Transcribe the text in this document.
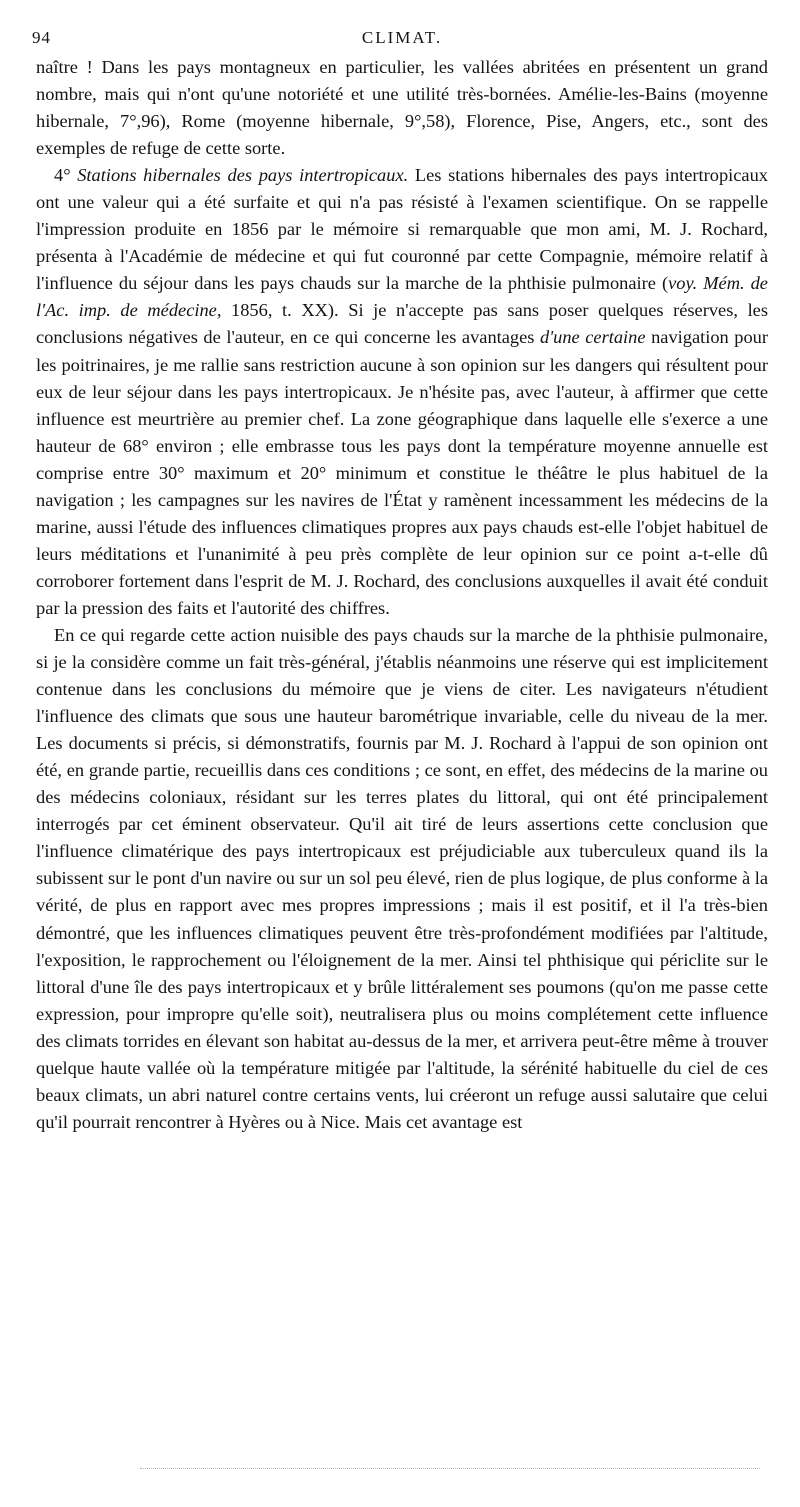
94	CLIMAT.

naître ! Dans les pays montagneux en particulier, les vallées abritées en présentent un grand nombre, mais qui n'ont qu'une notoriété et une utilité très-bornées. Amélie-les-Bains (moyenne hibernale, 7°,96), Rome (moyenne hibernale, 9°,58), Florence, Pise, Angers, etc., sont des exemples de refuge de cette sorte.

4° Stations hibernales des pays intertropicaux. Les stations hibernales des pays intertropicaux ont une valeur qui a été surfaite et qui n'a pas résisté à l'examen scientifique. On se rappelle l'impression produite en 1856 par le mémoire si remarquable que mon ami, M. J. Rochard, présenta à l'Académie de médecine et qui fut couronné par cette Compagnie, mémoire relatif à l'influence du séjour dans les pays chauds sur la marche de la phthisie pulmonaire (voy. Mém. de l'Ac. imp. de médecine, 1856, t. XX). Si je n'accepte pas sans poser quelques réserves, les conclusions négatives de l'auteur, en ce qui concerne les avantages d'une certaine navigation pour les poitrinaires, je me rallie sans restriction aucune à son opinion sur les dangers qui résultent pour eux de leur séjour dans les pays intertropicaux. Je n'hésite pas, avec l'auteur, à affirmer que cette influence est meurtrière au premier chef. La zone géographique dans laquelle elle s'exerce a une hauteur de 68° environ ; elle embrasse tous les pays dont la température moyenne annuelle est comprise entre 30° maximum et 20° minimum et constitue le théâtre le plus habituel de la navigation ; les campagnes sur les navires de l'État y ramènent incessamment les médecins de la marine, aussi l'étude des influences climatiques propres aux pays chauds est-elle l'objet habituel de leurs méditations et l'unanimité à peu près complète de leur opinion sur ce point a-t-elle dû corroborer fortement dans l'esprit de M. J. Rochard, des conclusions auxquelles il avait été conduit par la pression des faits et l'autorité des chiffres.

En ce qui regarde cette action nuisible des pays chauds sur la marche de la phthisie pulmonaire, si je la considère comme un fait très-général, j'établis néanmoins une réserve qui est implicitement contenue dans les conclusions du mémoire que je viens de citer. Les navigateurs n'étudient l'influence des climats que sous une hauteur barométrique invariable, celle du niveau de la mer. Les documents si précis, si démonstratifs, fournis par M. J. Rochard à l'appui de son opinion ont été, en grande partie, recueillis dans ces conditions ; ce sont, en effet, des médecins de la marine ou des médecins coloniaux, résidant sur les terres plates du littoral, qui ont été principalement interrogés par cet éminent observateur. Qu'il ait tiré de leurs assertions cette conclusion que l'influence climatérique des pays intertropicaux est préjudiciable aux tuberculeux quand ils la subissent sur le pont d'un navire ou sur un sol peu élevé, rien de plus logique, de plus conforme à la vérité, de plus en rapport avec mes propres impressions ; mais il est positif, et il l'a très-bien démontré, que les influences climatiques peuvent être très-profondément modifiées par l'altitude, l'exposition, le rapprochement ou l'éloignement de la mer. Ainsi tel phthisique qui périclite sur le littoral d'une île des pays intertropicaux et y brûle littéralement ses poumons (qu'on me passe cette expression, pour impropre qu'elle soit), neutralisera plus ou moins complétement cette influence des climats torrides en élevant son habitat au-dessus de la mer, et arrivera peut-être même à trouver quelque haute vallée où la température mitigée par l'altitude, la sérénité habituelle du ciel de ces beaux climats, un abri naturel contre certains vents, lui créeront un refuge aussi salutaire que celui qu'il pourrait rencontrer à Hyères ou à Nice. Mais cet avantage est
